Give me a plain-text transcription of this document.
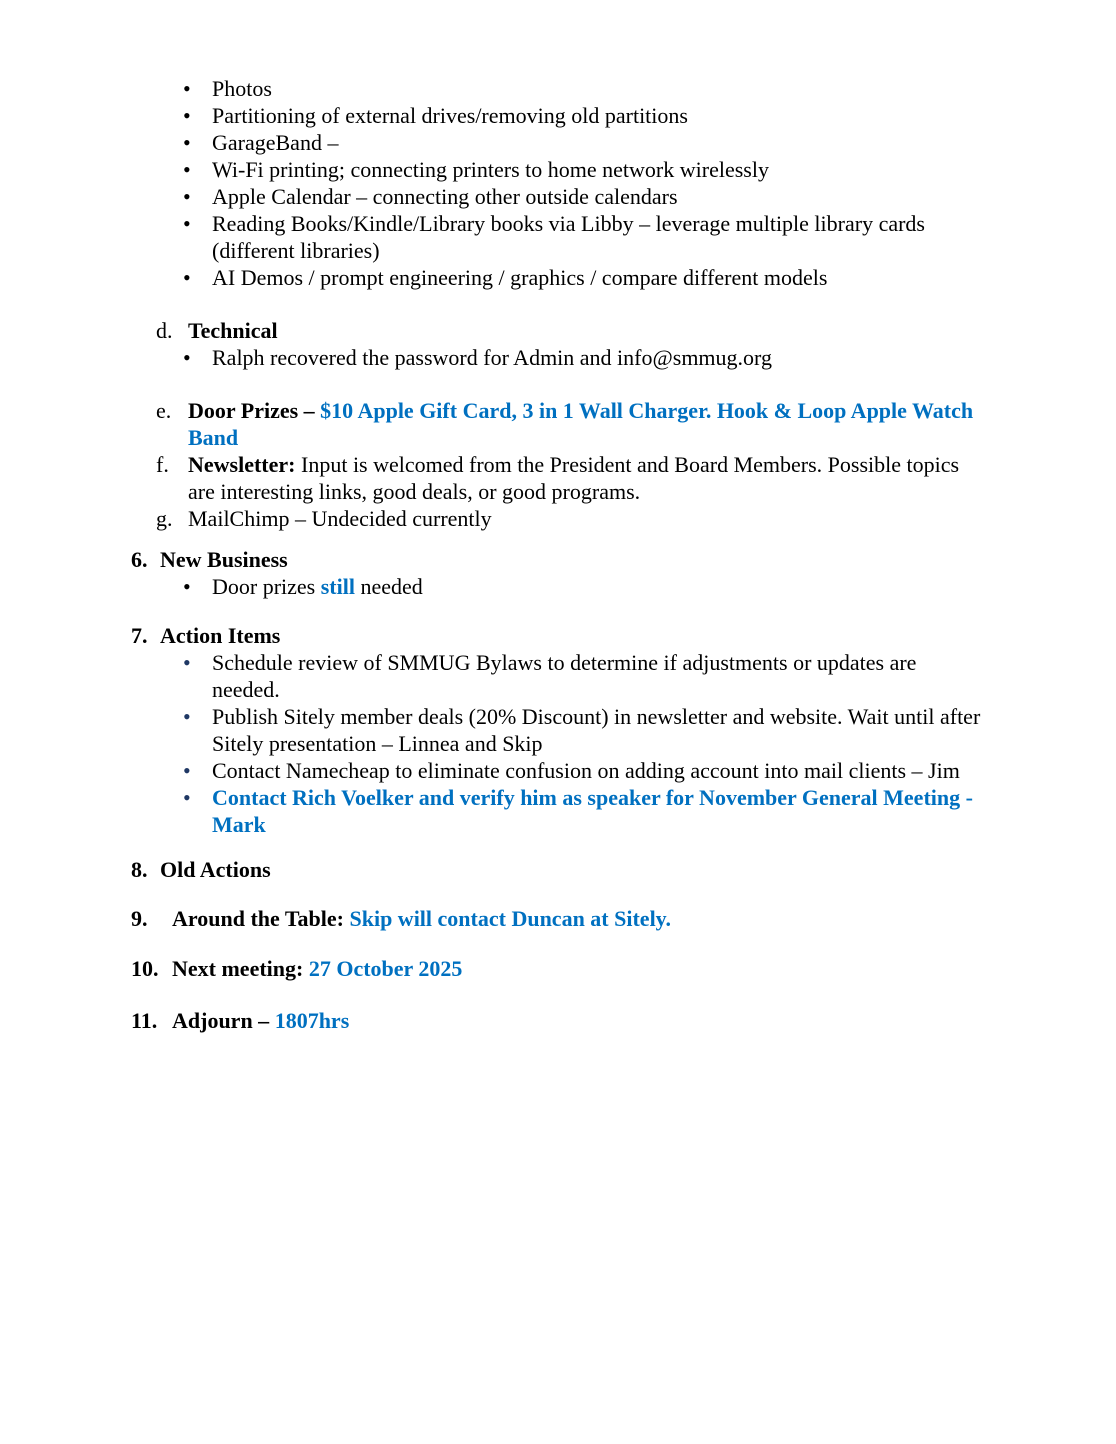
• Photos
• Partitioning of external drives/removing old partitions
• GarageBand –
• Wi-Fi printing; connecting printers to home network wirelessly
• Apple Calendar – connecting other outside calendars
• Reading Books/Kindle/Library books via Libby – leverage multiple library cards (different libraries)
• AI Demos / prompt engineering / graphics / compare different models
d. Technical
• Ralph recovered the password for Admin and info@smmug.org
e. Door Prizes – $10 Apple Gift Card, 3 in 1 Wall Charger. Hook & Loop Apple Watch Band
f. Newsletter: Input is welcomed from the President and Board Members. Possible topics are interesting links, good deals, or good programs.
g. MailChimp – Undecided currently
6. New Business
• Door prizes still needed
7. Action Items
• Schedule review of SMMUG Bylaws to determine if adjustments or updates are needed.
• Publish Sitely member deals (20% Discount) in newsletter and website. Wait until after Sitely presentation – Linnea and Skip
• Contact Namecheap to eliminate confusion on adding account into mail clients – Jim
• Contact Rich Voelker and verify him as speaker for November General Meeting - Mark
8. Old Actions
9.	Around the Table: Skip will contact Duncan at Sitely.
10. Next meeting: 27 October 2025
11. Adjourn – 1807hrs
